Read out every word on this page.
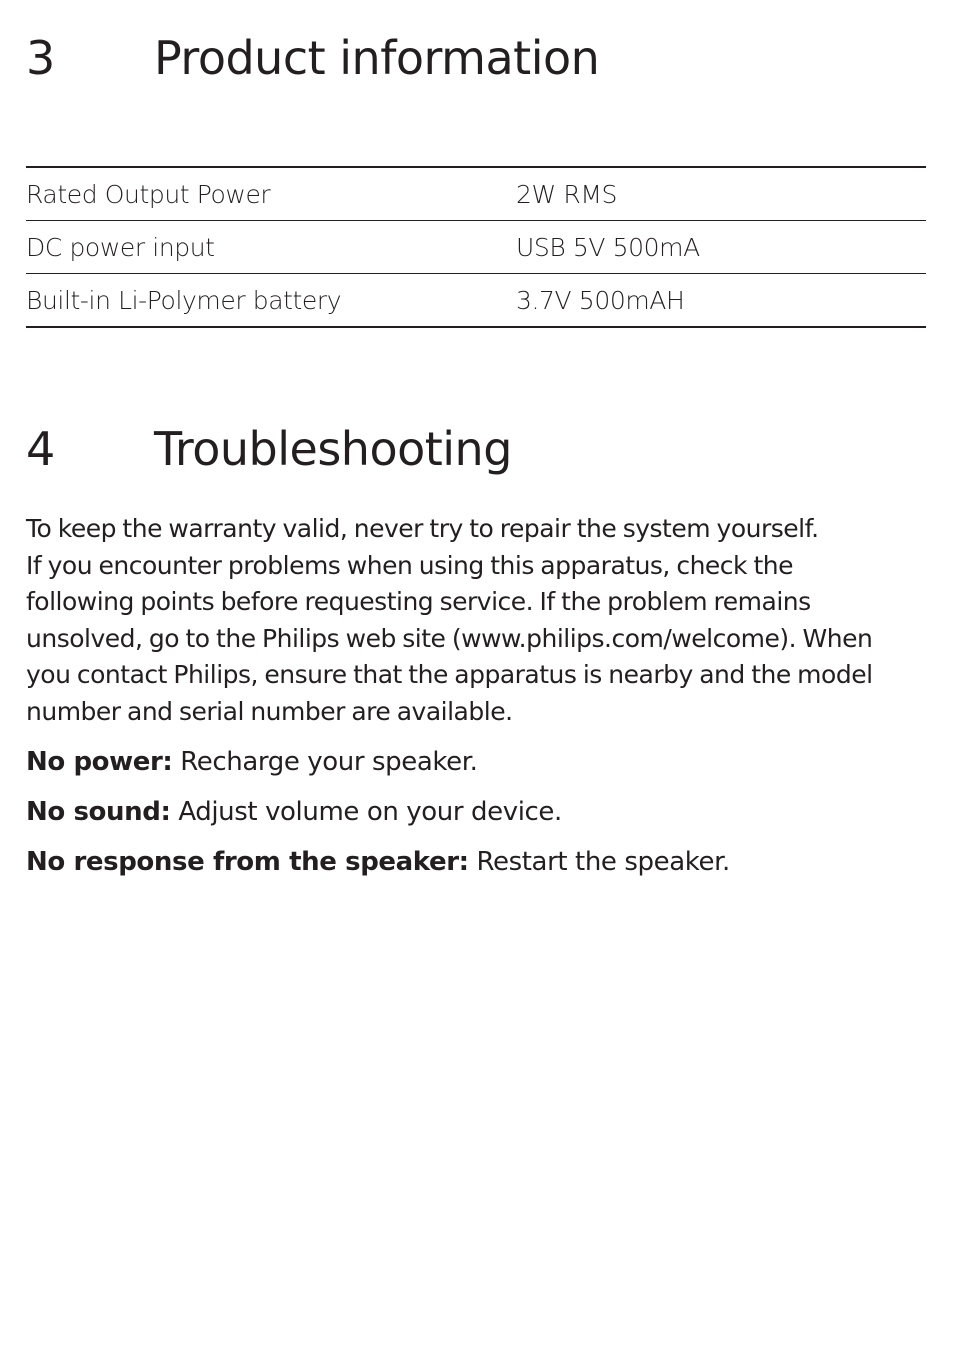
3 Product information
Rated Output Power	2W RMS
DC power input	USB 5V 500mA
Built-in Li-Polymer battery	3.7V 500mAH
4 Troubleshooting

To keep the warranty valid, never try to repair the system yourself.
If you encounter problems when using this apparatus, check the
following points before requesting service. If the problem remains
unsolved, go to the Philips web site (www.philips.com/welcome). When
you contact Philips, ensure that the apparatus is nearby and the model
number and serial number are available.

No power: Recharge your speaker.
No sound: Adjust volume on your device.
No response from the speaker: Restart the speaker.
